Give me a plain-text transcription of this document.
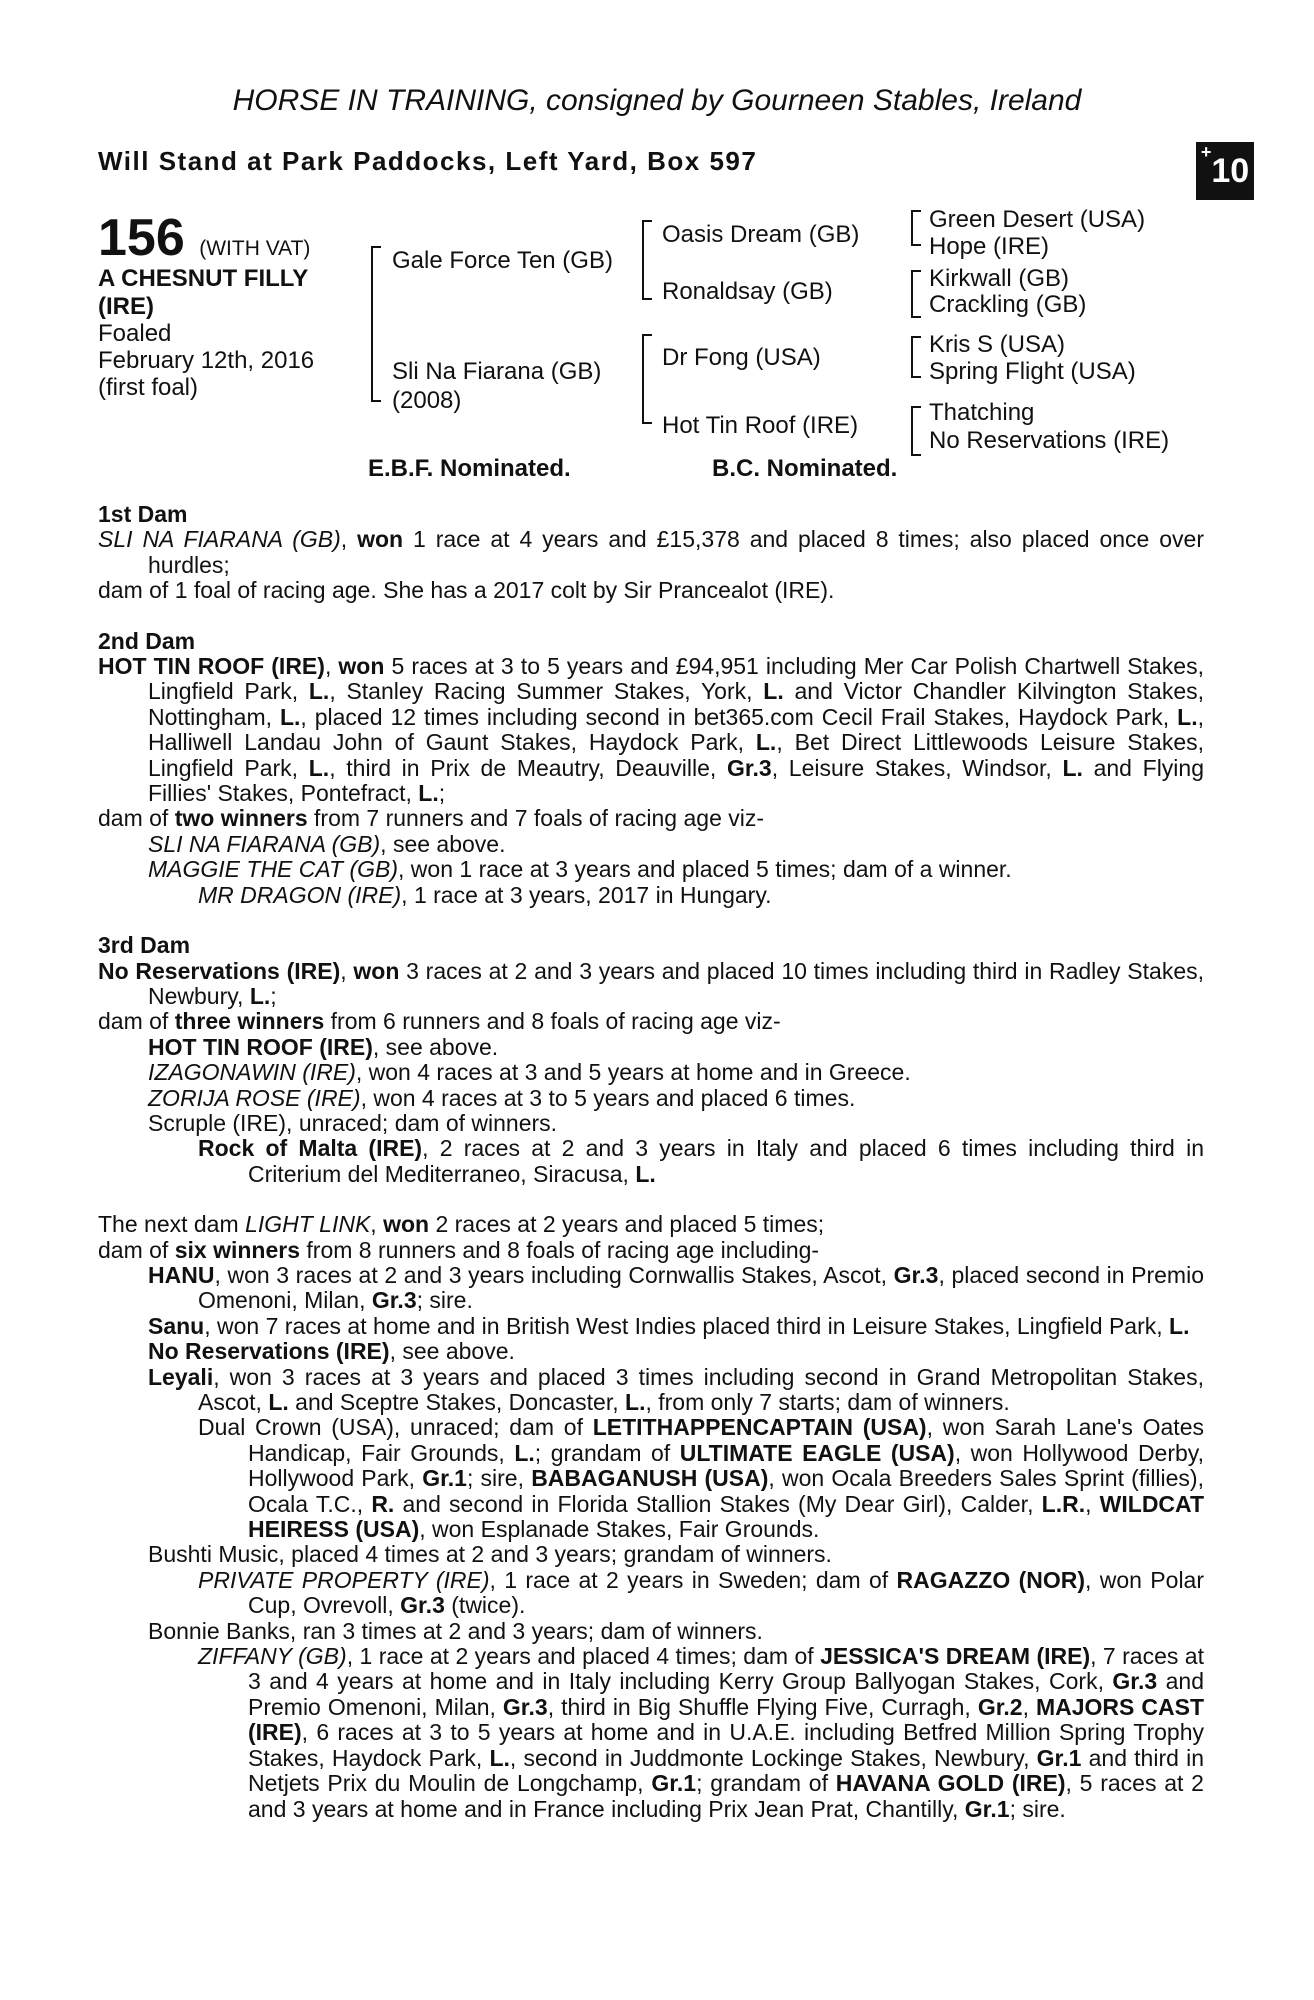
HORSE IN TRAINING, consigned by Gourneen Stables, Ireland
Will Stand at Park Paddocks, Left Yard, Box 597	+10
156 (WITH VAT)
A CHESNUT FILLY (IRE)
Foaled
February 12th, 2016
(first foal)
Gale Force Ten (GB)
Sli Na Fiarana (GB)
(2008)
Oasis Dream (GB)
Ronaldsay (GB)
Dr Fong (USA)
Hot Tin Roof (IRE)
Green Desert (USA)
Hope (IRE)
Kirkwall (GB)
Crackling (GB)
Kris S (USA)
Spring Flight (USA)
Thatching
No Reservations (IRE)
E.B.F. Nominated.	B.C. Nominated.
1st Dam
SLI NA FIARANA (GB), won 1 race at 4 years and £15,378 and placed 8 times; also placed once over hurdles;
dam of 1 foal of racing age. She has a 2017 colt by Sir Prancealot (IRE).
2nd Dam
HOT TIN ROOF (IRE), won 5 races at 3 to 5 years and £94,951 including Mer Car Polish Chartwell Stakes, Lingfield Park, L., Stanley Racing Summer Stakes, York, L. and Victor Chandler Kilvington Stakes, Nottingham, L., placed 12 times including second in bet365.com Cecil Frail Stakes, Haydock Park, L., Halliwell Landau John of Gaunt Stakes, Haydock Park, L., Bet Direct Littlewoods Leisure Stakes, Lingfield Park, L., third in Prix de Meautry, Deauville, Gr.3, Leisure Stakes, Windsor, L. and Flying Fillies' Stakes, Pontefract, L.;
dam of two winners from 7 runners and 7 foals of racing age viz-
SLI NA FIARANA (GB), see above.
MAGGIE THE CAT (GB), won 1 race at 3 years and placed 5 times; dam of a winner.
MR DRAGON (IRE), 1 race at 3 years, 2017 in Hungary.
3rd Dam
No Reservations (IRE), won 3 races at 2 and 3 years and placed 10 times including third in Radley Stakes, Newbury, L.;
dam of three winners from 6 runners and 8 foals of racing age viz-
HOT TIN ROOF (IRE), see above.
IZAGONAWIN (IRE), won 4 races at 3 and 5 years at home and in Greece.
ZORIJA ROSE (IRE), won 4 races at 3 to 5 years and placed 6 times.
Scruple (IRE), unraced; dam of winners.
Rock of Malta (IRE), 2 races at 2 and 3 years in Italy and placed 6 times including third in Criterium del Mediterraneo, Siracusa, L.
The next dam LIGHT LINK, won 2 races at 2 years and placed 5 times;
dam of six winners from 8 runners and 8 foals of racing age including-
HANU, won 3 races at 2 and 3 years including Cornwallis Stakes, Ascot, Gr.3, placed second in Premio Omenoni, Milan, Gr.3; sire.
Sanu, won 7 races at home and in British West Indies placed third in Leisure Stakes, Lingfield Park, L.
No Reservations (IRE), see above.
Leyali, won 3 races at 3 years and placed 3 times including second in Grand Metropolitan Stakes, Ascot, L. and Sceptre Stakes, Doncaster, L., from only 7 starts; dam of winners.
Dual Crown (USA), unraced; dam of LETITHAPPENCAPTAIN (USA), won Sarah Lane's Oates Handicap, Fair Grounds, L.; grandam of ULTIMATE EAGLE (USA), won Hollywood Derby, Hollywood Park, Gr.1; sire, BABAGANUSH (USA), won Ocala Breeders Sales Sprint (fillies), Ocala T.C., R. and second in Florida Stallion Stakes (My Dear Girl), Calder, L.R., WILDCAT HEIRESS (USA), won Esplanade Stakes, Fair Grounds.
Bushti Music, placed 4 times at 2 and 3 years; grandam of winners.
PRIVATE PROPERTY (IRE), 1 race at 2 years in Sweden; dam of RAGAZZO (NOR), won Polar Cup, Ovrevoll, Gr.3 (twice).
Bonnie Banks, ran 3 times at 2 and 3 years; dam of winners.
ZIFFANY (GB), 1 race at 2 years and placed 4 times; dam of JESSICA'S DREAM (IRE), 7 races at 3 and 4 years at home and in Italy including Kerry Group Ballyogan Stakes, Cork, Gr.3 and Premio Omenoni, Milan, Gr.3, third in Big Shuffle Flying Five, Curragh, Gr.2, MAJORS CAST (IRE), 6 races at 3 to 5 years at home and in U.A.E. including Betfred Million Spring Trophy Stakes, Haydock Park, L., second in Juddmonte Lockinge Stakes, Newbury, Gr.1 and third in Netjets Prix du Moulin de Longchamp, Gr.1; grandam of HAVANA GOLD (IRE), 5 races at 2 and 3 years at home and in France including Prix Jean Prat, Chantilly, Gr.1; sire.
